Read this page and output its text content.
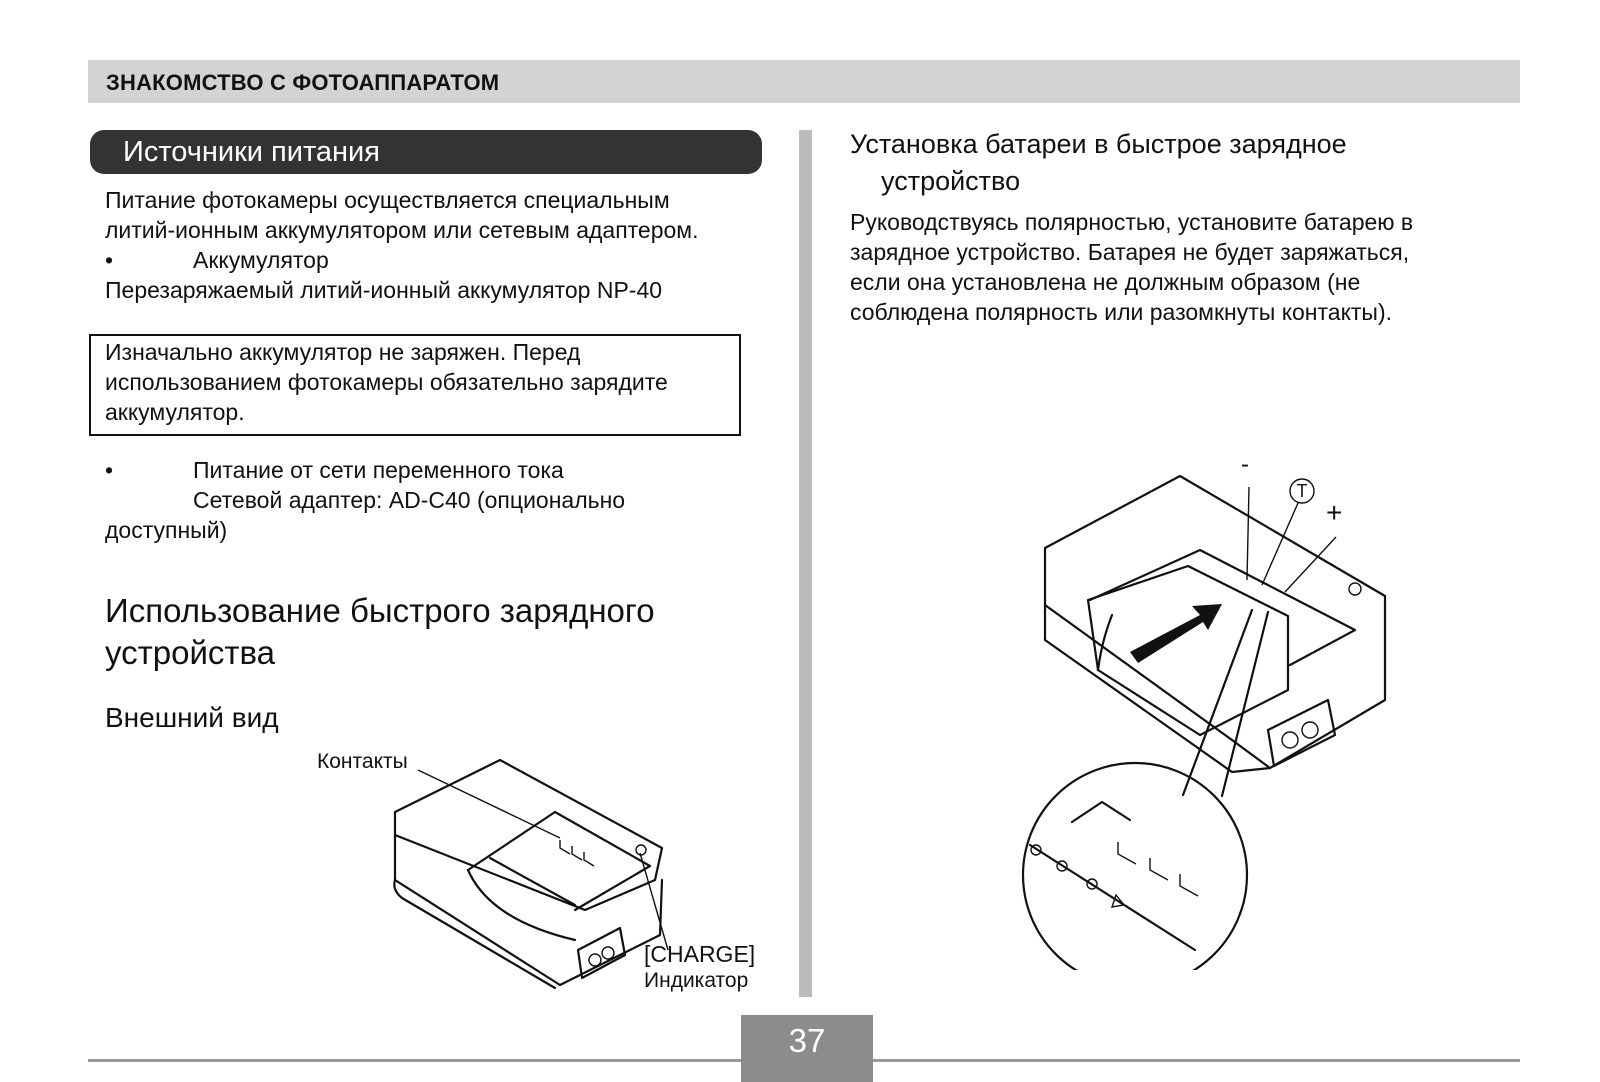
ЗНАКОМСТВО С ФОТОАППАРАТОМ
Источники питания
Питание фотокамеры осуществляется специальным
литий-ионным аккумулятором или сетевым адаптером.
•	Аккумулятор
Перезаряжаемый литий-ионный аккумулятор NP-40
Изначально аккумулятор не заряжен. Перед
использованием фотокамеры обязательно зарядите
аккумулятор.
•	Питание от сети переменного тока
Сетевой адаптер: AD-C40 (опционально
доступный)
Использование быстрого зарядного
устройства
Внешний вид
Контакты
[CHARGE]
Индикатор
Установка батареи в быстрое зарядное
устройство
Руководствуясь полярностью, установите батарею в
зарядное устройство. Батарея не будет заряжаться,
если она установлена не должным образом (не
соблюдена полярность или разомкнуты контакты).
-
T
+
37
